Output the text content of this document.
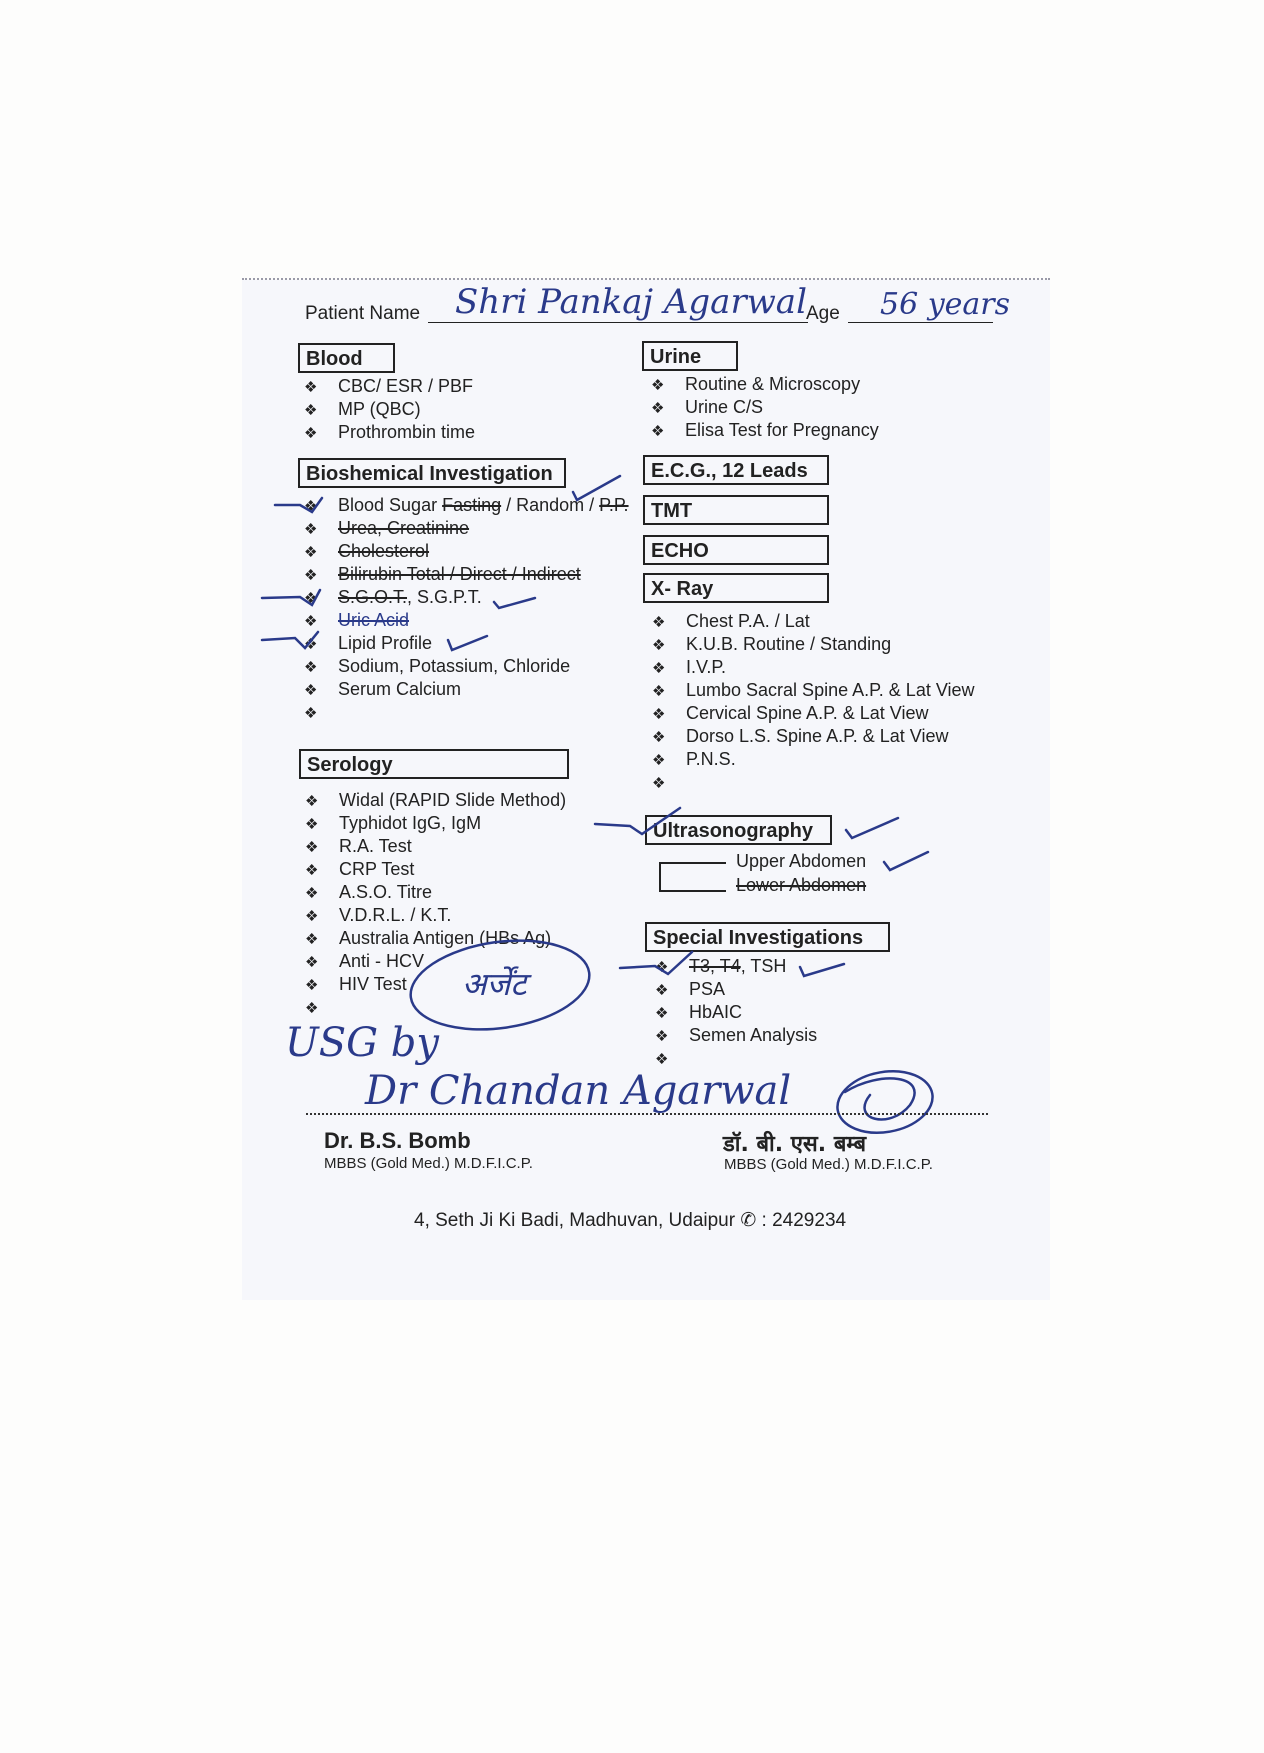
Patient Name Shri Pankaj Agarwal Age 56 years
Blood
❖ CBC/ ESR / PBF
❖ MP (QBC)
❖ Prothrombin time
Urine
❖ Routine & Microscopy
❖ Urine C/S
❖ Elisa Test for Pregnancy
Bioshemical Investigation
❖ Blood Sugar Fasting / Random / P.P.
❖ Urea, Creatinine
❖ Cholesterol
❖ Bilirubin Total / Direct / Indirect
❖ S.G.O.T., S.G.P.T.
❖ Uric Acid
❖ Lipid Profile
❖ Sodium, Potassium, Chloride
❖ Serum Calcium
❖
E.C.G., 12 Leads
TMT
ECHO
X- Ray
❖ Chest P.A. / Lat
❖ K.U.B. Routine / Standing
❖ I.V.P.
❖ Lumbo Sacral Spine A.P. & Lat View
❖ Cervical Spine A.P. & Lat View
❖ Dorso L.S. Spine A.P. & Lat View
❖ P.N.S.
❖
Serology
❖ Widal (RAPID Slide Method)
❖ Typhidot IgG, IgM
❖ R.A. Test
❖ CRP Test
❖ A.S.O. Titre
❖ V.D.R.L. / K.T.
❖ Australia Antigen (HBs Ag)
❖ Anti - HCV
❖ HIV Test
❖
Ultrasonography
Upper Abdomen
Lower Abdomen
Special Investigations
❖ T3, T4, TSH
❖ PSA
❖ HbAIC
❖ Semen Analysis
❖
अर्जेंट
USG by
Dr Chandan Agarwal
Dr. B.S. Bomb
MBBS (Gold Med.) M.D.F.I.C.P.
डॉ. बी. एस. बम्ब
MBBS (Gold Med.) M.D.F.I.C.P.
4, Seth Ji Ki Badi, Madhuvan, Udaipur ✆ : 2429234
